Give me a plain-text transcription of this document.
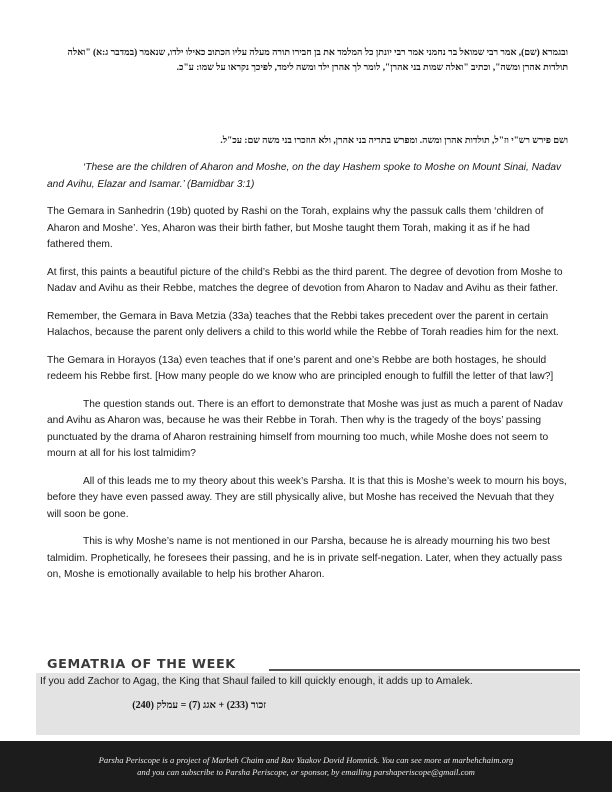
ובגמרא (שם), אמר רבי שמואל בר נחמני אמר רבי יונתן כל המלמד את בן חבירו תורה מעלה עליו הכתוב כאילו ילדו, שנאמר (במדבר ג:א) "ואלה תולדות אהרן ומשה", וכתיב "ואלה שמות בני אהרן", לומר לך אהרן ילד ומשה לימד, לפיכך נקראו על שמו: ע"כ.

ושם פירש רש"י וז"ל, תולדות אהרן ומשה. ומפרש בתריה בני אהרן, ולא הוזכרו בני משה שם: עכ"ל.

‘These are the children of Aharon and Moshe, on the day Hashem spoke to Moshe on Mount Sinai, Nadav and Avihu, Elazar and Isamar.’ (Bamidbar 3:1)

The Gemara in Sanhedrin (19b) quoted by Rashi on the Torah, explains why the passuk calls them ‘children of Aharon and Moshe’. Yes, Aharon was their birth father, but Moshe taught them Torah, making it as if he had fathered them.

At first, this paints a beautiful picture of the child’s Rebbi as the third parent. The degree of devotion from Moshe to Nadav and Avihu as their Rebbe, matches the degree of devotion from Aharon to Nadav and Avihu as their father.

Remember, the Gemara in Bava Metzia (33a) teaches that the Rebbi takes precedent over the parent in certain Halachos, because the parent only delivers a child to this world while the Rebbe of Torah readies him for the next.

The Gemara in Horayos (13a) even teaches that if one’s parent and one’s Rebbe are both hostages, he should redeem his Rebbe first. [How many people do we know who are principled enough to fulfill the letter of that law?]

The question stands out. There is an effort to demonstrate that Moshe was just as much a parent of Nadav and Avihu as Aharon was, because he was their Rebbe in Torah. Then why is the tragedy of the boys’ passing punctuated by the drama of Aharon restraining himself from mourning too much, while Moshe does not seem to mourn at all for his lost talmidim?

All of this leads me to my theory about this week’s Parsha. It is that this is Moshe’s week to mourn his boys, before they have even passed away. They are still physically alive, but Moshe has received the Nevuah that they will soon be gone.

This is why Moshe’s name is not mentioned in our Parsha, because he is already mourning his two best talmidim. Prophetically, he foresees their passing, and he is in private self-negation. Later, when they actually pass on, Moshe is emotionally available to help his brother Aharon.

GEMATRIA OF THE WEEK
If you add Zachor to Agag, the King that Shaul failed to kill quickly enough, it adds up to Amalek.
זכור (233) + אגג (7) = עמלק (240)
Parsha Periscope is a project of Marbeh Chaim and Rav Yaakov Dovid Homnick. You can see more at marbehchaim.org
and you can subscribe to Parsha Periscope, or sponsor, by emailing parshaperiscope@gmail.com
